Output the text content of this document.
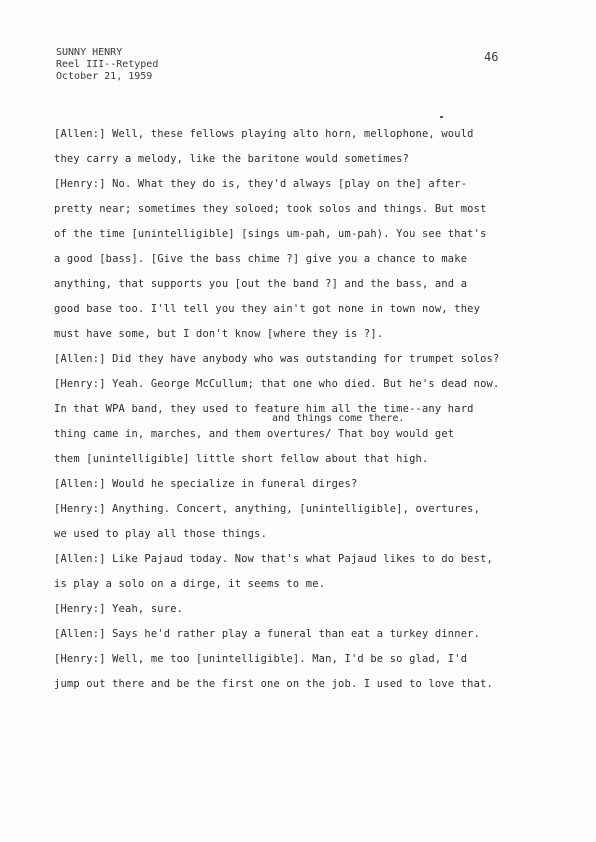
SUNNY HENRY
Reel III--Retyped
October 21, 1959
46
[Allen:] Well, these fellows playing alto horn, mellophone, would
they carry a melody, like the baritone would sometimes?
[Henry:] No. What they do is, they'd always [play on the] after-
pretty near; sometimes they soloed; took solos and things. But most
of the time [unintelligible] [sings um-pah, um-pah). You see that's
a good [bass]. [Give the bass chime ?] give you a chance to make
anything, that supports you [out the band ?] and the bass, and a
good base too. I'll tell you they ain't got none in town now, they
must have some, but I don't know [where they is ?].
[Allen:] Did they have anybody who was outstanding for trumpet solos?
[Henry:] Yeah. George McCullum; that one who died. But he's dead now.
In that WPA band, they used to feature him all the time--any hard
thing came in, marches, and them overtures/ That boy would get
them [unintelligible] little short fellow about that high.
[Allen:] Would he specialize in funeral dirges?
[Henry:] Anything. Concert, anything, [unintelligible], overtures,
we used to play all those things.
[Allen:] Like Pajaud today. Now that's what Pajaud likes to do best,
is play a solo on a dirge, it seems to me.
[Henry:] Yeah, sure.
[Allen:] Says he'd rather play a funeral than eat a turkey dinner.
[Henry:] Well, me too [unintelligible]. Man, I'd be so glad, I'd
jump out there and be the first one on the job. I used to love that.
and things come there.
